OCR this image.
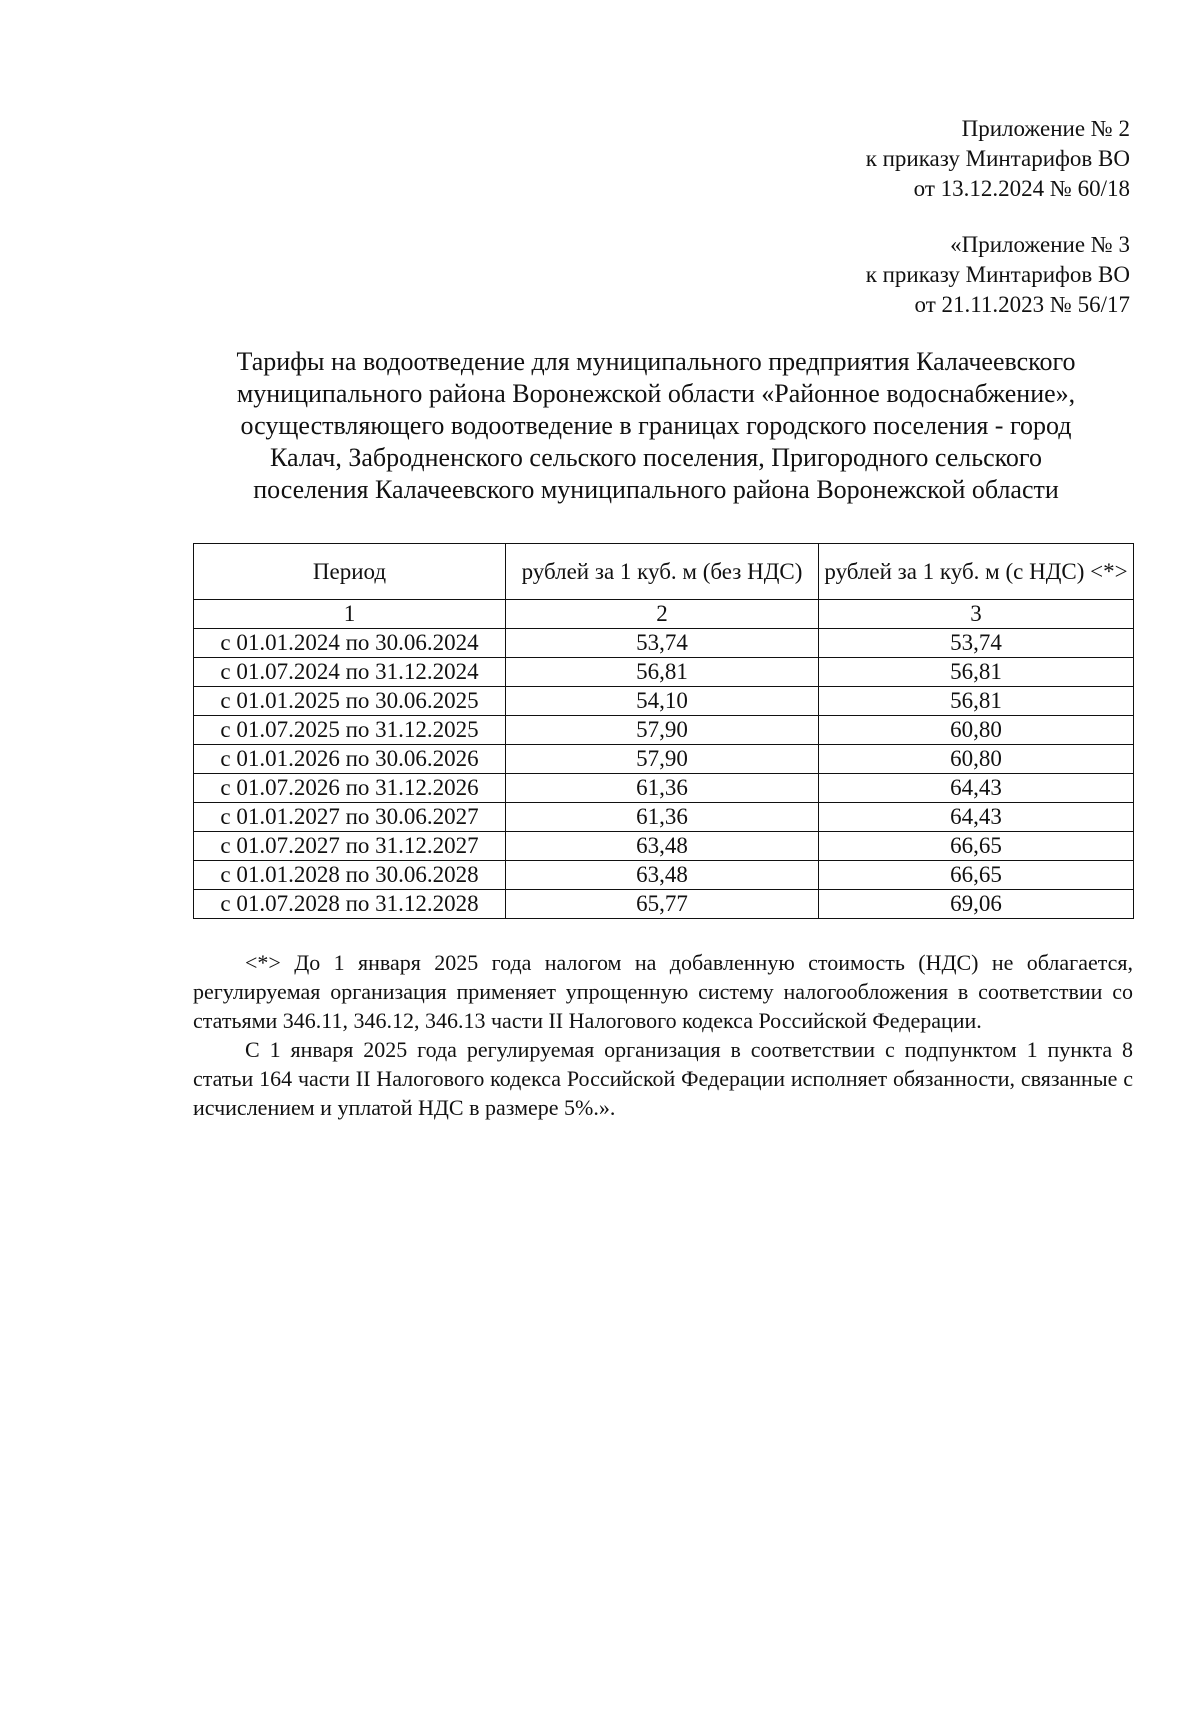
Приложение № 2
к приказу Минтарифов ВО
от 13.12.2024 № 60/18
«Приложение № 3
к приказу Минтарифов ВО
от 21.11.2023 № 56/17
Тарифы на водоотведение для муниципального предприятия Калачеевского
муниципального района Воронежской области «Районное водоснабжение»,
осуществляющего водоотведение в границах городского поселения - город
Калач, Забродненского сельского поселения, Пригородного сельского
поселения Калачеевского муниципального района Воронежской области
Период	рублей за 1 куб. м (без НДС)	рублей за 1 куб. м (с НДС) <*>
1	2	3
с 01.01.2024 по 30.06.2024	53,74	53,74
с 01.07.2024 по 31.12.2024	56,81	56,81
с 01.01.2025 по 30.06.2025	54,10	56,81
с 01.07.2025 по 31.12.2025	57,90	60,80
с 01.01.2026 по 30.06.2026	57,90	60,80
с 01.07.2026 по 31.12.2026	61,36	64,43
с 01.01.2027 по 30.06.2027	61,36	64,43
с 01.07.2027 по 31.12.2027	63,48	66,65
с 01.01.2028 по 30.06.2028	63,48	66,65
с 01.07.2028 по 31.12.2028	65,77	69,06

<*> До 1 января 2025 года налогом на добавленную стоимость (НДС) не облагается, регулируемая организация применяет упрощенную систему налогообложения в соответствии со статьями 346.11, 346.12, 346.13 части II Налогового кодекса Российской Федерации.

С 1 января 2025 года регулируемая организация в соответствии с подпунктом 1 пункта 8 статьи 164 части II Налогового кодекса Российской Федерации исполняет обязанности, связанные с исчислением и уплатой НДС в размере 5%.».
